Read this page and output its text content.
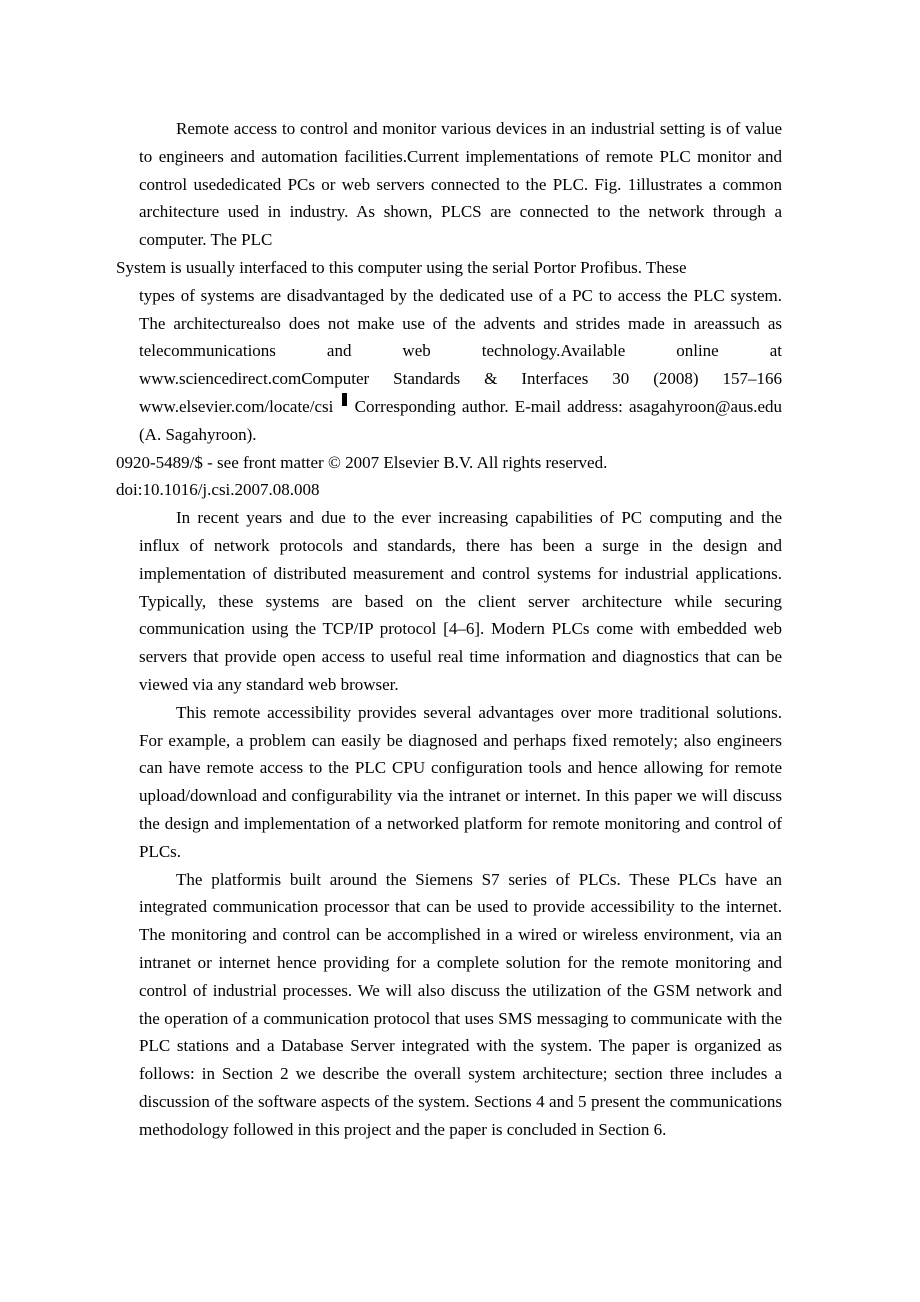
Remote access to control and monitor various devices in an industrial setting is of value to engineers and automation facilities.Current implementations of remote PLC monitor and control usededicated PCs or web servers connected to the PLC. Fig. 1illustrates a common architecture used in industry. As shown, PLCS are connected to the network through a computer. The PLC

System is usually interfaced to this computer using the serial Portor Profibus. These

types of systems are disadvantaged by the dedicated use of a PC to access the PLC system. The architecturealso does not make use of the advents and strides made in areassuch as telecommunications and web technology.Available online at www.sciencedirect.comComputer Standards & Interfaces 30 (2008) 157–166 www.elsevier.com/locate/csi Corresponding author. E-mail address: asagahyroon@aus.edu (A. Sagahyroon).

0920-5489/$ - see front matter © 2007 Elsevier B.V. All rights reserved.

doi:10.1016/j.csi.2007.08.008

In recent years and due to the ever increasing capabilities of PC computing and the influx of network protocols and standards, there has been a surge in the design and implementation of distributed measurement and control systems for industrial applications. Typically, these systems are based on the client server architecture while securing communication using the TCP/IP protocol [4–6]. Modern PLCs come with embedded web servers that provide open access to useful real time information and diagnostics that can be viewed via any standard web browser.

This remote accessibility provides several advantages over more traditional solutions. For example, a problem can easily be diagnosed and perhaps fixed remotely; also engineers can have remote access to the PLC CPU configuration tools and hence allowing for remote upload/download and configurability via the intranet or internet. In this paper we will discuss the design and implementation of a networked platform for remote monitoring and control of PLCs.

The platformis built around the Siemens S7 series of PLCs. These PLCs have an integrated communication processor that can be used to provide accessibility to the internet. The monitoring and control can be accomplished in a wired or wireless environment, via an intranet or internet hence providing for a complete solution for the remote monitoring and control of industrial processes. We will also discuss the utilization of the GSM network and the operation of a communication protocol that uses SMS messaging to communicate with the PLC stations and a Database Server integrated with the system. The paper is organized as follows: in Section 2 we describe the overall system architecture; section three includes a discussion of the software aspects of the system. Sections 4 and 5 present the communications methodology followed in this project and the paper is concluded in Section 6.
